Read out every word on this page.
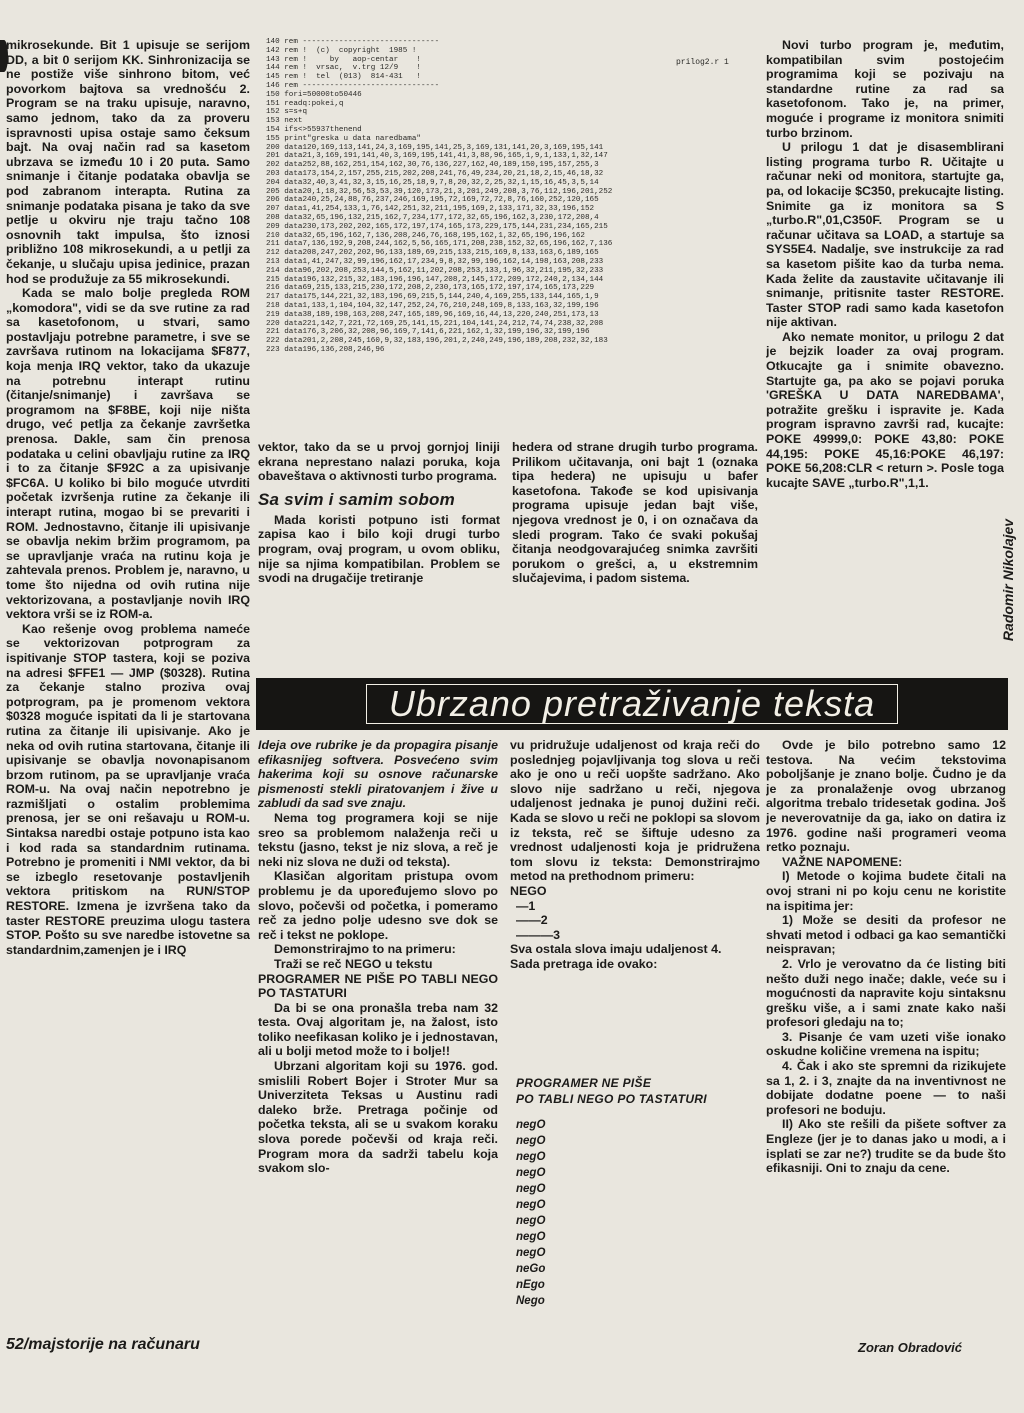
mikrosekunde. Bit 1 upisuje se serijom DD, a bit 0 serijom KK. Sinhronizacija se ne postiže više sinhrono bitom, već povorkom bajtova sa vrednošću 2. Program se na traku upisuje, naravno, samo jednom, tako da za proveru ispravnosti upisa ostaje samo čeksum bajt. Na ovaj način rad sa kasetom ubrzava se između 10 i 20 puta. Samo snimanje i čitanje podataka obavlja se pod zabranom interapta. Rutina za snimanje podataka pisana je tako da sve petlje u okviru nje traju tačno 108 osnovnih takt impulsa, što iznosi približno 108 mikrosekundi, a u petlji za čekanje, u slučaju upisa jedinice, prazan hod se produžuje za 55 mikrosekundi.

Kada se malo bolje pregleda ROM „komodora", vidi se da sve rutine za rad sa kasetofonom, u stvari, samo postavljaju potrebne parametre, i sve se završava rutinom na lokacijama $F877, koja menja IRQ vektor, tako da ukazuje na potrebnu interapt rutinu (čitanje/snimanje) i završava se programom na $F8BE, koji nije ništa drugo, već petlja za čekanje završetka prenosa. Dakle, sam čin prenosa podataka u celini obavljaju rutine za IRQ i to za čitanje $F92C a za upisivanje $FC6A. U koliko bi bilo moguće utvrditi početak izvršenja rutine za čekanje ili interapt rutina, mogao bi se prevariti i ROM. Jednostavno, čitanje ili upisivanje se obavlja nekim bržim programom, pa se upravljanje vraća na rutinu koja je zahtevala prenos. Problem je, naravno, u tome što nijedna od ovih rutina nije vektorizovana, a postavljanje novih IRQ vektora vrši se iz ROM-a.

Kao rešenje ovog problema nameće se vektorizovan potprogram za ispitivanje STOP tastera, koji se poziva na adresi $FFE1 — JMP ($0328). Rutina za čekanje stalno proziva ovaj potprogram, pa je promenom vektora $0328 moguće ispitati da li je startovana rutina za čitanje ili upisivanje. Ako je neka od ovih rutina startovana, čitanje ili upisivanje se obavlja novonapisanom brzom rutinom, pa se upravljanje vraća ROM-u. Na ovaj način nepotrebno je razmišljati o ostalim problemima prenosa, jer se oni rešavaju u ROM-u. Sintaksa naredbi ostaje potpuno ista kao i kod rada sa standardnim rutinama. Potrebno je promeniti i NMI vektor, da bi se izbeglo resetovanje postavljenih vektora pritiskom na RUN/STOP RESTORE. Izmena je izvršena tako da taster RESTORE preuzima ulogu tastera STOP. Pošto su sve naredbe istovetne sa standardnim,zamenjen je i IRQ

140 rem ------------------------------
142 rem !  (c)  copyright  1985 !
143 rem !     by   aop-centar    !
144 rem !  vrsac,  v.trg 12/9    !
145 rem !  tel  (013)  814-431   !
146 rem ------------------------------
150 fori=50000to50446
151 readq:pokei,q
152 s=s+q
153 next
154 ifs<>55937thenend
155 print"greska u data naredbama"
200 data120,169,113,141,24,3,169,195,141,25,3,169,131,141,20,3,169,195,141
201 data21,3,169,191,141,40,3,169,195,141,41,3,88,96,165,1,9,1,133,1,32,147
202 data252,88,162,251,154,162,30,76,136,227,162,40,189,150,195,157,255,3
203 data173,154,2,157,255,215,202,208,241,76,49,234,20,21,18,2,15,46,18,32
204 data32,40,3,41,32,3,15,16,25,18,9,7,8,20,32,2,25,32,1,15,16,45,3,5,14
205 data20,1,18,32,56,53,53,39,120,173,21,3,201,249,208,3,76,112,196,201,252
206 data240,25,24,88,76,237,246,169,195,72,169,72,72,8,76,160,252,120,165
207 data1,41,254,133,1,76,142,251,32,211,195,169,2,133,171,32,33,196,152
208 data32,65,196,132,215,162,7,234,177,172,32,65,196,162,3,230,172,208,4
209 data230,173,202,202,165,172,197,174,165,173,229,175,144,231,234,165,215
210 data32,65,196,162,7,136,208,246,76,168,195,162,1,32,65,196,196,162
211 data7,136,192,9,208,244,162,5,56,165,171,208,238,152,32,65,196,162,7,136
212 data208,247,202,202,96,133,189,69,215,133,215,169,8,133,163,6,189,165
213 data1,41,247,32,99,196,162,17,234,9,8,32,99,196,162,14,198,163,208,233
214 data96,202,208,253,144,5,162,11,202,208,253,133,1,96,32,211,195,32,233
215 data196,132,215,32,183,196,196,147,208,2,145,172,209,172,240,2,134,144
216 data69,215,133,215,230,172,208,2,230,173,165,172,197,174,165,173,229
217 data175,144,221,32,183,196,69,215,5,144,240,4,169,255,133,144,165,1,9
218 data1,133,1,104,104,32,147,252,24,76,210,248,169,8,133,163,32,199,196
219 data38,189,198,163,208,247,165,189,96,169,16,44,13,220,240,251,173,13
220 data221,142,7,221,72,169,25,141,15,221,104,141,24,212,74,74,238,32,208
221 data176,3,206,32,208,96,169,7,141,6,221,162,1,32,199,196,32,199,196
222 data201,2,208,245,160,9,32,183,196,201,2,240,249,196,189,208,232,32,183
223 data196,136,208,246,96
prilog2.r 1

Novi turbo program je, međutim, kompatibilan svim postojećim programima koji se pozivaju na standardne rutine za rad sa kasetofonom. Tako je, na primer, moguće i programe iz monitora snimiti turbo brzinom.

U prilogu 1 dat je disasemblirani listing programa turbo R. Učitajte u računar neki od monitora, startujte ga, pa, od lokacije $C350, prekucajte listing. Snimite ga iz monitora sa S „turbo.R",01,C350F. Program se u računar učitava sa LOAD, a startuje sa SYS5E4. Nadalje, sve instrukcije za rad sa kasetom pišite kao da turba nema. Kada želite da zaustavite učitavanje ili snimanje, pritisnite taster RESTORE. Taster STOP radi samo kada kasetofon nije aktivan.

Ako nemate monitor, u prilogu 2 dat je bejzik loader za ovaj program. Otkucajte ga i snimite obavezno. Startujte ga, pa ako se pojavi poruka 'GREŠKA U DATA NAREDBAMA', potražite grešku i ispravite je. Kada program ispravno završi rad, kucajte: POKE 49999,0: POKE 43,80: POKE 44,195: POKE 45,16:POKE 46,197: POKE 56,208:CLR < return >. Posle toga kucajte SAVE „turbo.R",1,1.

Radomir Nikolajev

vektor, tako da se u prvoj gornjoj liniji ekrana neprestano nalazi poruka, koja obaveštava o aktivnosti turbo programa.

Sa svim i samim sobom

Mada koristi potpuno isti format zapisa kao i bilo koji drugi turbo program, ovaj program, u ovom obliku, nije sa njima kompatibilan. Problem se svodi na drugačije tretiranje

hedera od strane drugih turbo programa. Prilikom učitavanja, oni bajt 1 (oznaka tipa hedera) ne upisuju u bafer kasetofona. Takođe se kod upisivanja programa upisuje jedan bajt više, njegova vrednost je 0, i on označava da sledi program. Tako će svaki pokušaj čitanja neodgovarajućeg snimka završiti porukom o grešci, a, u ekstremnim slučajevima, i padom sistema.

Ubrzano pretraživanje teksta

Ideja ove rubrike je da propagira pisanje efikasnijeg softvera. Posvećeno svim hakerima koji su osnove računarske pismenosti stekli piratovanjem i žive u zabludi da sad sve znaju.

Nema tog programera koji se nije sreo sa problemom nalaženja reči u tekstu (jasno, tekst je niz slova, a reč je neki niz slova ne duži od teksta).

Klasičan algoritam pristupa ovom problemu je da upoređujemo slovo po slovo, počevši od početka, i pomeramo reč za jedno polje udesno sve dok se reč i tekst ne poklope.

Demonstrirajmo to na primeru:

Traži se reč NEGO u tekstu

PROGRAMER NE PIŠE PO TABLI NEGO PO TASTATURI

Da bi se ona pronašla treba nam 32 testa. Ovaj algoritam je, na žalost, isto toliko neefikasan koliko je i jednostavan, ali u bolji metod može to i bolje!!

Ubrzani algoritam koji su 1976. god. smislili Robert Bojer i Stroter Mur sa Univerziteta Teksas u Austinu radi daleko brže. Pretraga počinje od početka teksta, ali se u svakom koraku slova porede počevši od kraja reči. Program mora da sadrži tabelu koja svakom slo-

vu pridružuje udaljenost od kraja reči do poslednjeg pojavljivanja tog slova u reči ako je ono u reči uopšte sadržano. Ako slovo nije sadržano u reči, njegova udaljenost jednaka je punoj dužini reči. Kada se slovo u reči ne poklopi sa slovom iz teksta, reč se šiftuje udesno za vrednost udaljenosti koja je pridružena tom slovu iz teksta: Demonstrirajmo metod na prethodnom primeru:

NEGO
—1
——2
———3

Sva ostala slova imaju udaljenost 4.

Sada pretraga ide ovako:

PROGRAMER NE PIŠE
PO TABLI NEGO PO TASTATURI
negO
negO
negO
negO
negO
negO
negO
negO
negO
neGo
nEgo
Nego

Ovde je bilo potrebno samo 12 testova. Na većim tekstovima poboljšanje je znano bolje. Čudno je da je za pronalaženje ovog ubrzanog algoritma trebalo tridesetak godina. Još je neverovatnije da ga, iako on datira iz 1976. godine naši programeri veoma retko poznaju.

VAŽNE NAPOMENE:

I) Metode o kojima budete čitali na ovoj strani ni po koju cenu ne koristite na ispitima jer:

1) Može se desiti da profesor ne shvati metod i odbaci ga kao semantički neispravan;

2. Vrlo je verovatno da će listing biti nešto duži nego inače; dakle, veće su i mogućnosti da napravite koju sintaksnu grešku više, a i sami znate kako naši profesori gledaju na to;

3. Pisanje će vam uzeti više ionako oskudne količine vremena na ispitu;

4. Čak i ako ste spremni da rizikujete sa 1, 2. i 3, znajte da na inventivnost ne dobijate dodatne poene — to naši profesori ne boduju.

II) Ako ste rešili da pišete softver za Engleze (jer je to danas jako u modi, a i isplati se zar ne?) trudite se da bude što efikasniji. Oni to znaju da cene.

52/majstorije na računaru	Zoran Obradović
